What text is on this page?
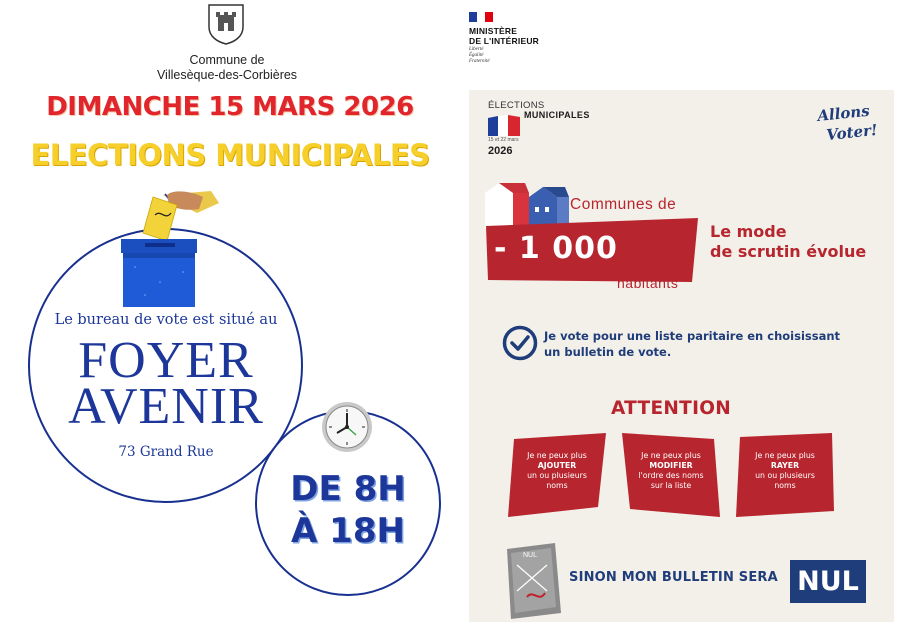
Commune de
Villesèque-des-Corbières
DIMANCHE 15 MARS 2026
ELECTIONS MUNICIPALES
Le bureau de vote est situé au
FOYER
AVENIR
73 Grand Rue
DE 8H
À 18H
MINISTÈRE
DE L'INTÉRIEUR
Liberté
Égalité
Fraternité
ÉLECTIONS
MUNICIPALES
15 et 22 mars
2026
Allons
Voter!
Communes de
- 1 000
habitants
Le mode
de scrutin évolue
Je vote pour une liste paritaire en choisissant
un bulletin de vote.
ATTENTION
Je ne peux plus
AJOUTER
un ou plusieurs
noms
Je ne peux plus
MODIFIER
l'ordre des noms
sur la liste
Je ne peux plus
RAYER
un ou plusieurs
noms
NUL
SINON MON BULLETIN SERA NUL
